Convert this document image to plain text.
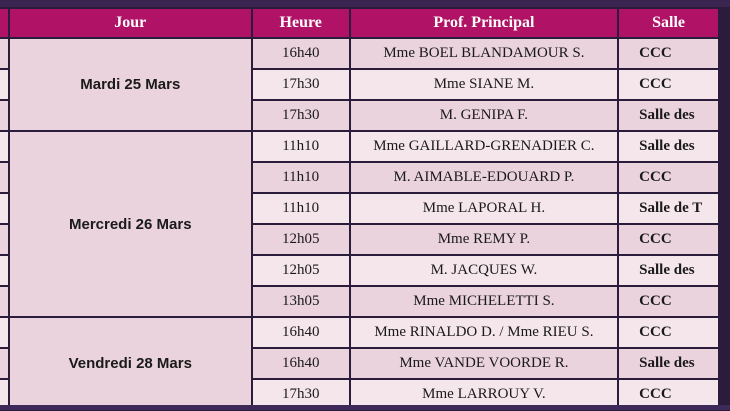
	Jour	Heure	Prof. Principal	Salle
	Mardi 25 Mars	16h40	Mme BOEL BLANDAMOUR S.	CCC
		17h30	Mme SIANE M.	CCC
		17h30	M. GENIPA F.	Salle des
	Mercredi 26 Mars	11h10	Mme GAILLARD-GRENADIER C.	Salle des
		11h10	M. AIMABLE-EDOUARD P.	CCC
		11h10	Mme LAPORAL H.	Salle de T
		12h05	Mme REMY P.	CCC
		12h05	M. JACQUES W.	Salle des
		13h05	Mme MICHELETTI S.	CCC
	Vendredi 28 Mars	16h40	Mme RINALDO D. / Mme RIEU S.	CCC
		16h40	Mme VANDE VOORDE R.	Salle des
		17h30	Mme LARROUY V.	CCC
